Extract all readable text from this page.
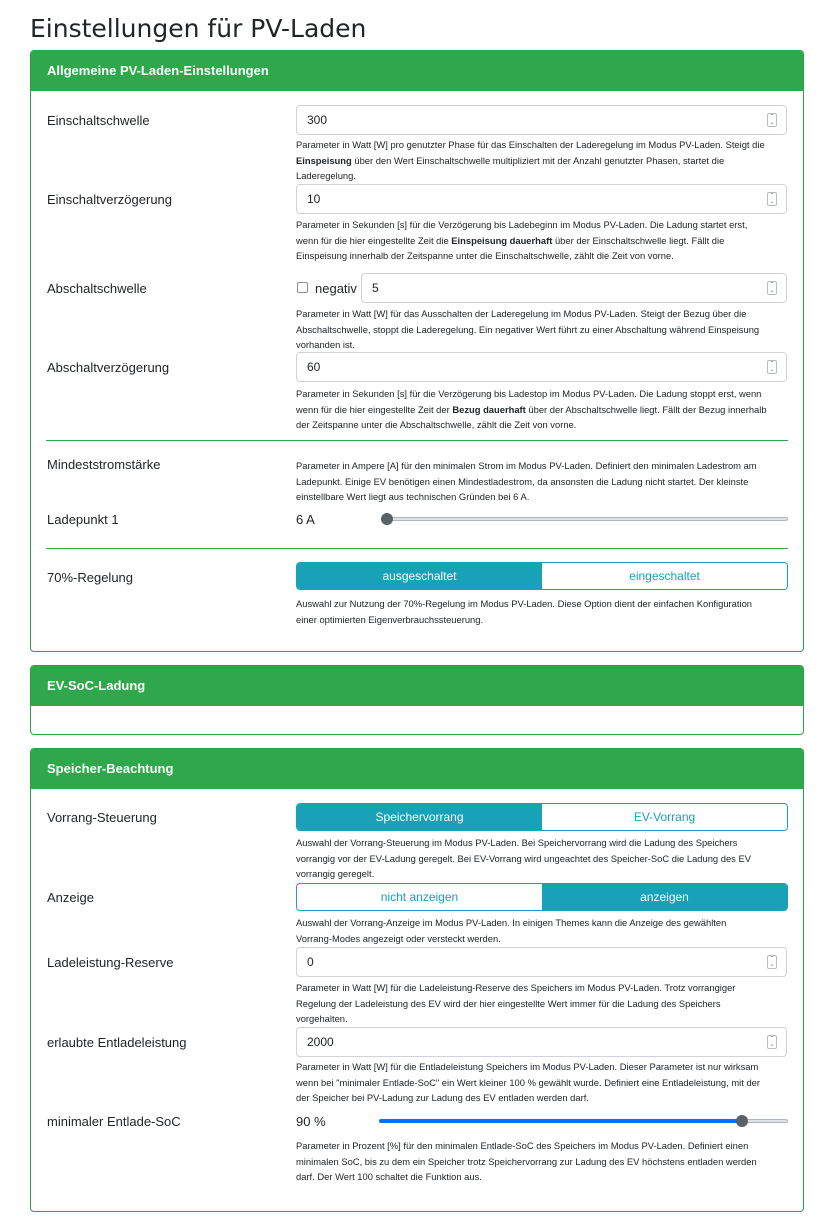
Einstellungen für PV-Laden
Allgemeine PV-Laden-Einstellungen
Einschaltschwelle	300	⌃
⌄
Parameter in Watt [W] pro genutzter Phase für das Einschalten der Laderegelung im Modus PV-Laden. Steigt die
Einspeisung über den Wert Einschaltschwelle multipliziert mit der Anzahl genutzter Phasen, startet die
Laderegelung.
Einschaltverzögerung	10	⌃
⌄
Parameter in Sekunden [s] für die Verzögerung bis Ladebeginn im Modus PV-Laden. Die Ladung startet erst,
wenn für die hier eingestellte Zeit die Einspeisung dauerhaft über der Einschaltschwelle liegt. Fällt die
Einspeisung innerhalb der Zeitspanne unter die Einschaltschwelle, zählt die Zeit von vorne.
Abschaltschwelle	negativ	5	⌃
⌄
Parameter in Watt [W] für das Ausschalten der Laderegelung im Modus PV-Laden. Steigt der Bezug über die
Abschaltschwelle, stoppt die Laderegelung. Ein negativer Wert führt zu einer Abschaltung während Einspeisung
vorhanden ist.
Abschaltverzögerung	60	⌃
⌄
Parameter in Sekunden [s] für die Verzögerung bis Ladestop im Modus PV-Laden. Die Ladung stoppt erst, wenn
wenn für die hier eingestellte Zeit der Bezug dauerhaft über der Abschaltschwelle liegt. Fällt der Bezug innerhalb
der Zeitspanne unter die Abschaltschwelle, zählt die Zeit von vorne.
Mindeststromstärke	Parameter in Ampere [A] für den minimalen Strom im Modus PV-Laden. Definiert den minimalen Ladestrom am
Ladepunkt. Einige EV benötigen einen Mindestladestrom, da ansonsten die Ladung nicht startet. Der kleinste
einstellbare Wert liegt aus technischen Gründen bei 6 A.
Ladepunkt 1	6 A
70%-Regelung	ausgeschaltet	eingeschaltet
Auswahl zur Nutzung der 70%-Regelung im Modus PV-Laden. Diese Option dient der einfachen Konfiguration
einer optimierten Eigenverbrauchssteuerung.
EV-SoC-Ladung
Speicher-Beachtung
Vorrang-Steuerung	Speichervorrang	EV-Vorrang
Auswahl der Vorrang-Steuerung im Modus PV-Laden. Bei Speichervorrang wird die Ladung des Speichers
vorrangig vor der EV-Ladung geregelt. Bei EV-Vorrang wird ungeachtet des Speicher-SoC die Ladung des EV
vorrangig geregelt.
Anzeige	nicht anzeigen	anzeigen
Auswahl der Vorrang-Anzeige im Modus PV-Laden. In einigen Themes kann die Anzeige des gewählten
Vorrang-Modes angezeigt oder versteckt werden.
Ladeleistung-Reserve	0	⌃
⌄
Parameter in Watt [W] für die Ladeleistung-Reserve des Speichers im Modus PV-Laden. Trotz vorrangiger
Regelung der Ladeleistung des EV wird der hier eingestellte Wert immer für die Ladung des Speichers
vorgehalten.
erlaubte Entladeleistung	2000	⌃
⌄
Parameter in Watt [W] für die Entladeleistung Speichers im Modus PV-Laden. Dieser Parameter ist nur wirksam
wenn bei "minimaler Entlade-SoC" ein Wert kleiner 100 % gewählt wurde. Definiert eine Entladeleistung, mit der
der Speicher bei PV-Ladung zur Ladung des EV entladen werden darf.
minimaler Entlade-SoC	90 %
Parameter in Prozent [%] für den minimalen Entlade-SoC des Speichers im Modus PV-Laden. Definiert einen
minimalen SoC, bis zu dem ein Speicher trotz Speichervorrang zur Ladung des EV höchstens entladen werden
darf. Der Wert 100 schaltet die Funktion aus.
